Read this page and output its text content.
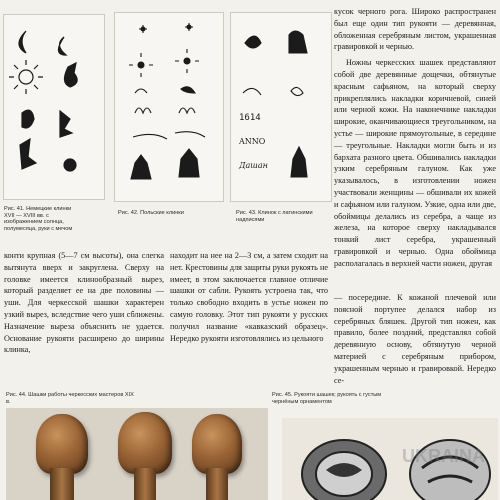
Рис. 41. Немецкие клинки XVII — XVIII вв. с изображением солнца, полумесяца, руки с мечом
Рис. 42. Польские клинки
1614
ANNO
Дашан
Рис. 43. Клинок с латинскими надписями

кусок черного рога. Широко распространен был еще один тип рукояти — деревянная, обложенная серебряным листом, украшенная гравировкой и чернью.

Ножны черкесских шашек представляют собой две деревянные дощечки, обтянутые красным сафьяном, на который сверху прикреплялись накладки коричневой, синей или черной кожи. На наконечнике накладки широкие, оканчивающиеся треугольником, на устье — широкие прямоугольные, в середине — треугольные. Накладки могли быть и из бархата разного цвета. Обшивались накладки узким серебряным галуном. Как уже указывалось, в изготовлении ножен участвовали женщины — обшивали их кожей и сафьяном или галуном. Узкие, одна или две, обоймицы делались из серебра, а чаще из железа, на которое сверху накладывался тонкий лист серебра, украшенный гравировкой и чернью. Одна обоймица располагалась в верхней части ножен, другая

— посередине. К кожаной плечевой или поясной портупее делался набор из серебряных бляшек. Другой тип ножен, как правило, более поздний, представлял собой деревянную основу, обтянутую черной материей с серебряным прибором, украшенным чернью и гравировкой. Нередко се-

конти крупная (5—7 см высоты), она слегка вытянута вверх и закруглена. Сверху на головке имеется клинообразный вырез, который разделяет ее на две половины — уши. Для черкесской шашки характерен узкий вырез, вследствие чего уши сближены. Назначение выреза объяснить не удается. Основание рукояти расширено до ширины клинка,

находит на нее на 2—3 см, а затем сходит на нет. Крестовины для защиты руки рукоять не имеет, в этом заключается главное отличие шашки от сабли. Рукоять устроена так, что только свободно входить в устье ножен по самую головку. Этот тип рукояти у русских получил название «кавказский образец». Нередко рукояти изготовлялись из цельного

Рис. 44. Шашки работы черкесских мастеров XIX в.
Рис. 45. Рукояти шашек; рукоять с густым чернёным орнаментом
UKRAINA
